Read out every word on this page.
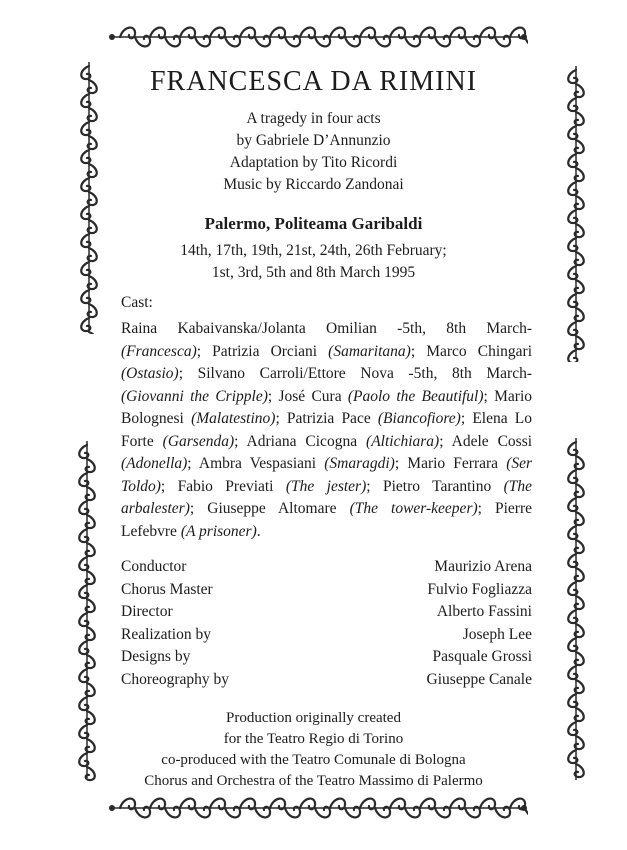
FRANCESCA DA RIMINI
A tragedy in four acts
by Gabriele D’Annunzio
Adaptation by Tito Ricordi
Music by Riccardo Zandonai
Palermo, Politeama Garibaldi
14th, 17th, 19th, 21st, 24th, 26th February;
1st, 3rd, 5th and 8th March 1995
Cast:
Raina Kabaivanska/Jolanta Omilian -5th, 8th March- (Francesca); Patrizia Orciani (Samaritana); Marco Chingari (Ostasio); Silvano Carroli/Ettore Nova -5th, 8th March- (Giovanni the Cripple); José Cura (Paolo the Beautiful); Mario Bolognesi (Malatestino); Patrizia Pace (Biancofiore); Elena Lo Forte (Garsenda); Adriana Cicogna (Altichiara); Adele Cossi (Adonella); Ambra Vespasiani (Smaragdi); Mario Ferrara (Ser Toldo); Fabio Previati (The jester); Pietro Tarantino (The arbalester); Giuseppe Altomare (The tower-keeper); Pierre Lefebvre (A prisoner).
Conductor	Maurizio Arena
Chorus Master	Fulvio Fogliazza
Director	Alberto Fassini
Realization by	Joseph Lee
Designs by	Pasquale Grossi
Choreography by	Giuseppe Canale
Production originally created
for the Teatro Regio di Torino
co-produced with the Teatro Comunale di Bologna
Chorus and Orchestra of the Teatro Massimo di Palermo
